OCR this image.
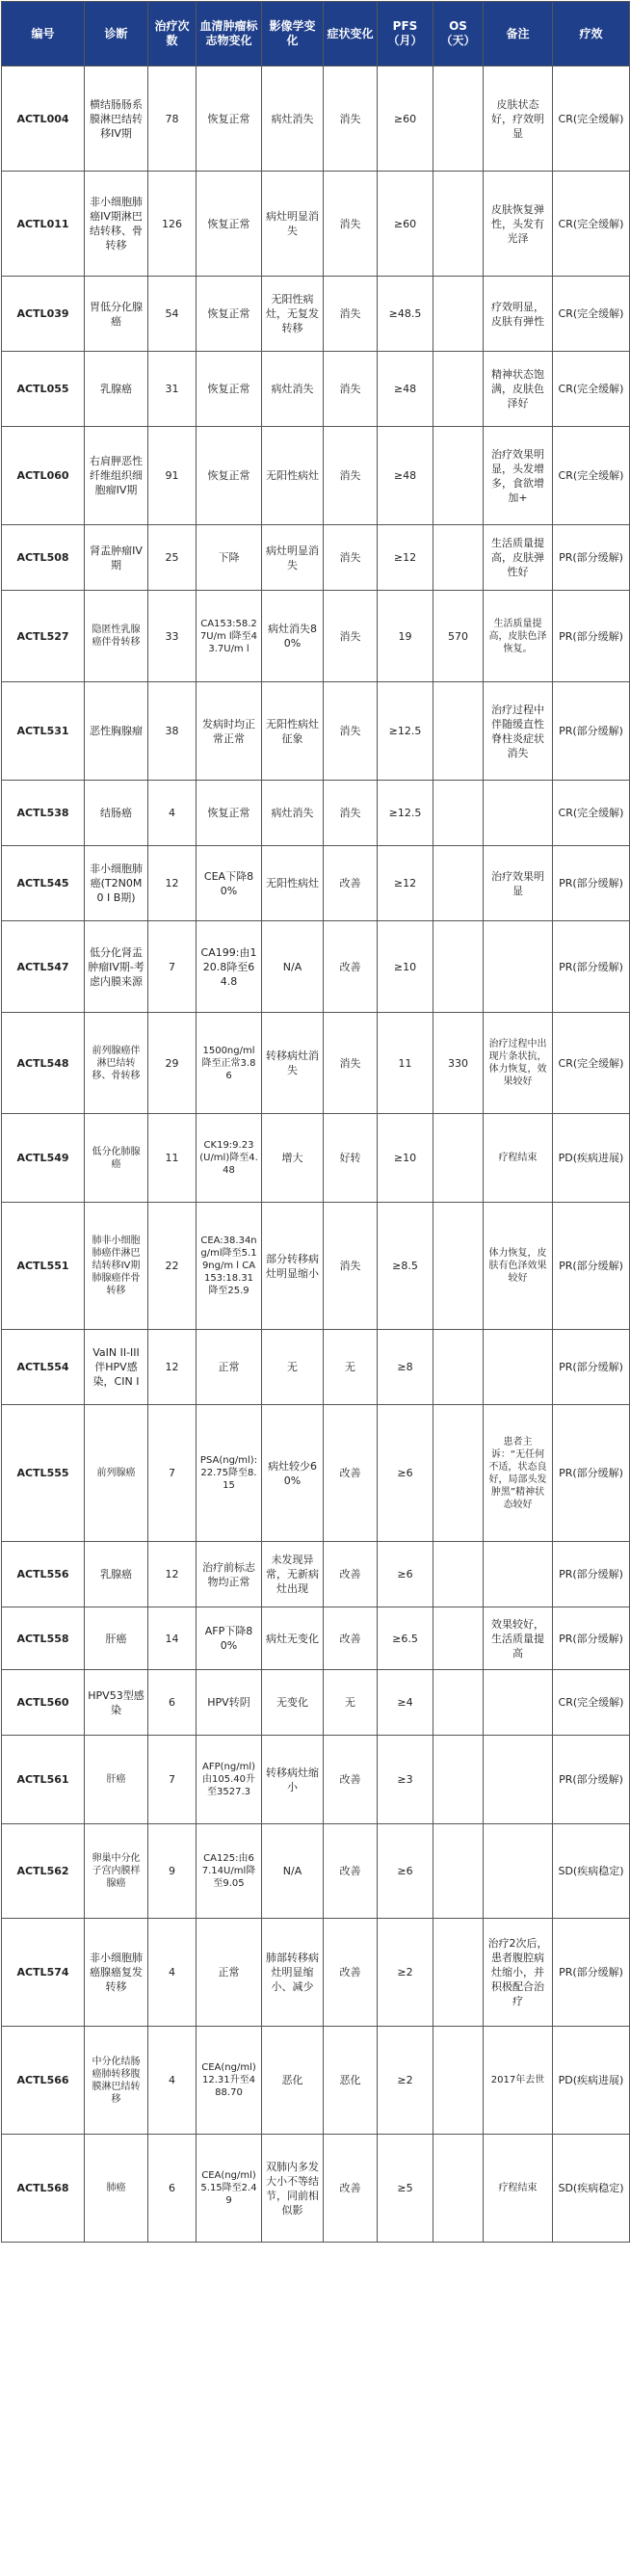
编号	诊断	治疗次数	血清肿瘤标志物变化	影像学变化	症状变化	PFS（月）	OS（天）	备注	疗效
ACTL004	横结肠肠系膜淋巴结转移IV期	78	恢复正常	病灶消失	消失	≥60		皮肤状态好，疗效明显	CR(完全缓解)
ACTL011	非小细胞肺癌IV期淋巴结转移、骨转移	126	恢复正常	病灶明显消失	消失	≥60		皮肤恢复弹性，头发有光泽	CR(完全缓解)
ACTL039	胃低分化腺癌	54	恢复正常	无阳性病灶，无复发转移	消失	≥48.5		疗效明显，皮肤有弹性	CR(完全缓解)
ACTL055	乳腺癌	31	恢复正常	病灶消失	消失	≥48		精神状态饱满，皮肤色泽好	CR(完全缓解)
ACTL060	右肩胛恶性纤维组织细胞瘤IV期	91	恢复正常	无阳性病灶	消失	≥48		治疗效果明显，头发增多，食欲增加+	CR(完全缓解)
ACTL508	肾盂肿瘤IV期	25	下降	病灶明显消失	消失	≥12		生活质量提高，皮肤弹性好	PR(部分缓解)
ACTL527	隐匿性乳腺癌伴骨转移	33	CA153:58.27U/m l降至43.7U/m l	病灶消失80%	消失	19	570	生活质量提高，皮肤色泽恢复。	PR(部分缓解)
ACTL531	恶性胸腺瘤	38	发病时均正常正常	无阳性病灶征象	消失	≥12.5		治疗过程中伴随缓直性脊柱炎症状消失	PR(部分缓解)
ACTL538	结肠癌	4	恢复正常	病灶消失	消失	≥12.5			CR(完全缓解)
ACTL545	非小细胞肺癌(T2N0M0 I B期)	12	CEA下降80%	无阳性病灶	改善	≥12		治疗效果明显	PR(部分缓解)
ACTL547	低分化肾盂肿瘤IV期-考虑内膜来源	7	CA199:由120.8降至64.8	N/A	改善	≥10			PR(部分缓解)
ACTL548	前列腺癌伴淋巴结转移、骨转移	29	1500ng/ml降至正常3.86	转移病灶消失	消失	11	330	治疗过程中出现片条状抗，体力恢复，效果较好	CR(完全缓解)
ACTL549	低分化肺腺癌	11	CK19:9.23(U/ml)降至4.48	增大	好转	≥10		疗程结束	PD(疾病进展)
ACTL551	肺非小细胞肺癌伴淋巴结转移IV期 肺腺癌伴骨转移	22	CEA:38.34ng/ml降至5.19ng/m l CA153:18.31降至25.9	部分转移病灶明显缩小	消失	≥8.5		体力恢复，皮肤有色泽效果较好	PR(部分缓解)
ACTL554	VaIN II-III伴HPV感染，CIN I	12	正常	无	无	≥8			PR(部分缓解)
ACTL555	前列腺癌	7	PSA(ng/ml):22.75降至8.15	病灶较少60%	改善	≥6		患者主诉：“无任何不适，状态良好，局部头发肿黑”精神状态较好	PR(部分缓解)
ACTL556	乳腺癌	12	治疗前标志物均正常	未发现异常，无新病灶出现	改善	≥6			PR(部分缓解)
ACTL558	肝癌	14	AFP下降80%	病灶无变化	改善	≥6.5		效果较好，生活质量提高	PR(部分缓解)
ACTL560	HPV53型感染	6	HPV转阴	无变化	无	≥4			CR(完全缓解)
ACTL561	肝癌	7	AFP(ng/ml)由105.40升至3527.3	转移病灶缩小	改善	≥3			PR(部分缓解)
ACTL562	卵巢中分化子宫内膜样腺癌	9	CA125:由67.14U/ml降至9.05	N/A	改善	≥6			SD(疾病稳定)
ACTL574	非小细胞肺癌腺癌复发转移	4	正常	肺部转移病灶明显缩小、减少	改善	≥2		治疗2次后，患者腹腔病灶缩小，并积极配合治疗	PR(部分缓解)
ACTL566	中分化结肠癌肺转移腹膜淋巴结转移	4	CEA(ng/ml)12.31升至488.70	恶化	恶化	≥2		2017年去世	PD(疾病进展)
ACTL568	肺癌	6	CEA(ng/ml)5.15降至2.49	双肺内多发大小不等结节，同前相似影	改善	≥5		疗程结束	SD(疾病稳定)
